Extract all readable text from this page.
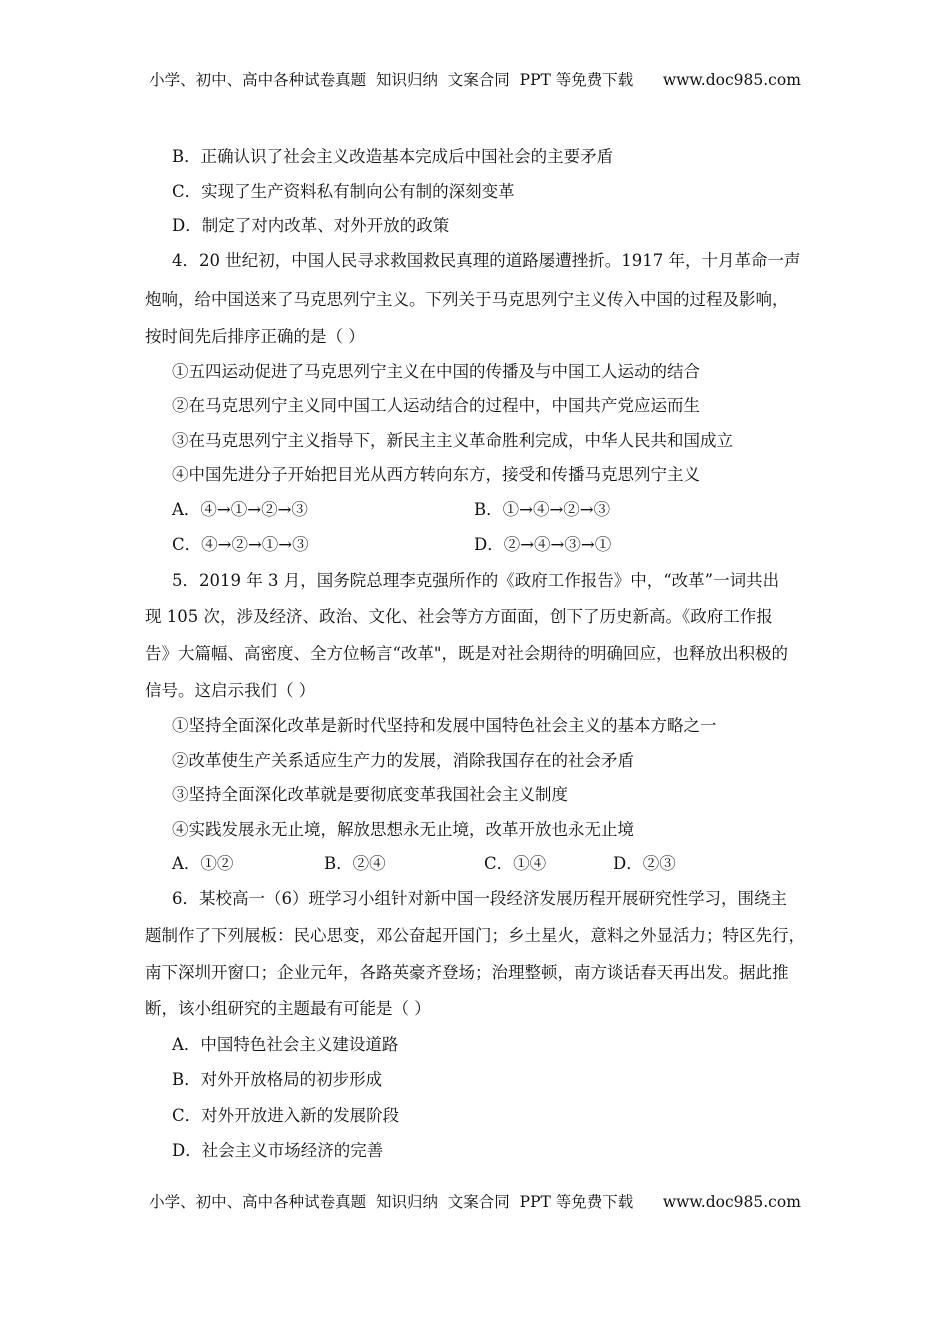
小学、初中、高中各种试卷真题  知识归纳  文案合同  PPT 等免费下载      www.doc985.com
B．正确认识了社会主义改造基本完成后中国社会的主要矛盾
C．实现了生产资料私有制向公有制的深刻变革
D．制定了对内改革、对外开放的政策
4．20 世纪初，中国人民寻求救国救民真理的道路屡遭挫折。1917 年，十月革命一声
炮响，给中国送来了马克思列宁主义。下列关于马克思列宁主义传入中国的过程及影响，
按时间先后排序正确的是（ ）
①五四运动促进了马克思列宁主义在中国的传播及与中国工人运动的结合
②在马克思列宁主义同中国工人运动结合的过程中，中国共产党应运而生
③在马克思列宁主义指导下，新民主主义革命胜利完成，中华人民共和国成立
④中国先进分子开始把目光从西方转向东方，接受和传播马克思列宁主义
A．④→①→②→③	B．①→④→②→③
C．④→②→①→③	D．②→④→③→①
5．2019 年 3 月，国务院总理李克强所作的《政府工作报告》中，“改革”一词共出
现 105 次，涉及经济、政治、文化、社会等方方面面，创下了历史新高。《政府工作报
告》大篇幅、高密度、全方位畅言“改革"，既是对社会期待的明确回应，也释放出积极的
信号。这启示我们（ ）
①坚持全面深化改革是新时代坚持和发展中国特色社会主义的基本方略之一
②改革使生产关系适应生产力的发展，消除我国存在的社会矛盾
③坚持全面深化改革就是要彻底变革我国社会主义制度
④实践发展永无止境，解放思想永无止境，改革开放也永无止境
A．①②	B．②④	C．①④	D．②③
6．某校高一（6）班学习小组针对新中国一段经济发展历程开展研究性学习，围绕主
题制作了下列展板：民心思变，邓公奋起开国门；乡土星火，意料之外显活力；特区先行，
南下深圳开窗口；企业元年，各路英豪齐登场；治理整顿，南方谈话春天再出发。据此推
断，该小组研究的主题最有可能是（ ）
A．中国特色社会主义建设道路
B．对外开放格局的初步形成
C．对外开放进入新的发展阶段
D．社会主义市场经济的完善
小学、初中、高中各种试卷真题  知识归纳  文案合同  PPT 等免费下载      www.doc985.com
